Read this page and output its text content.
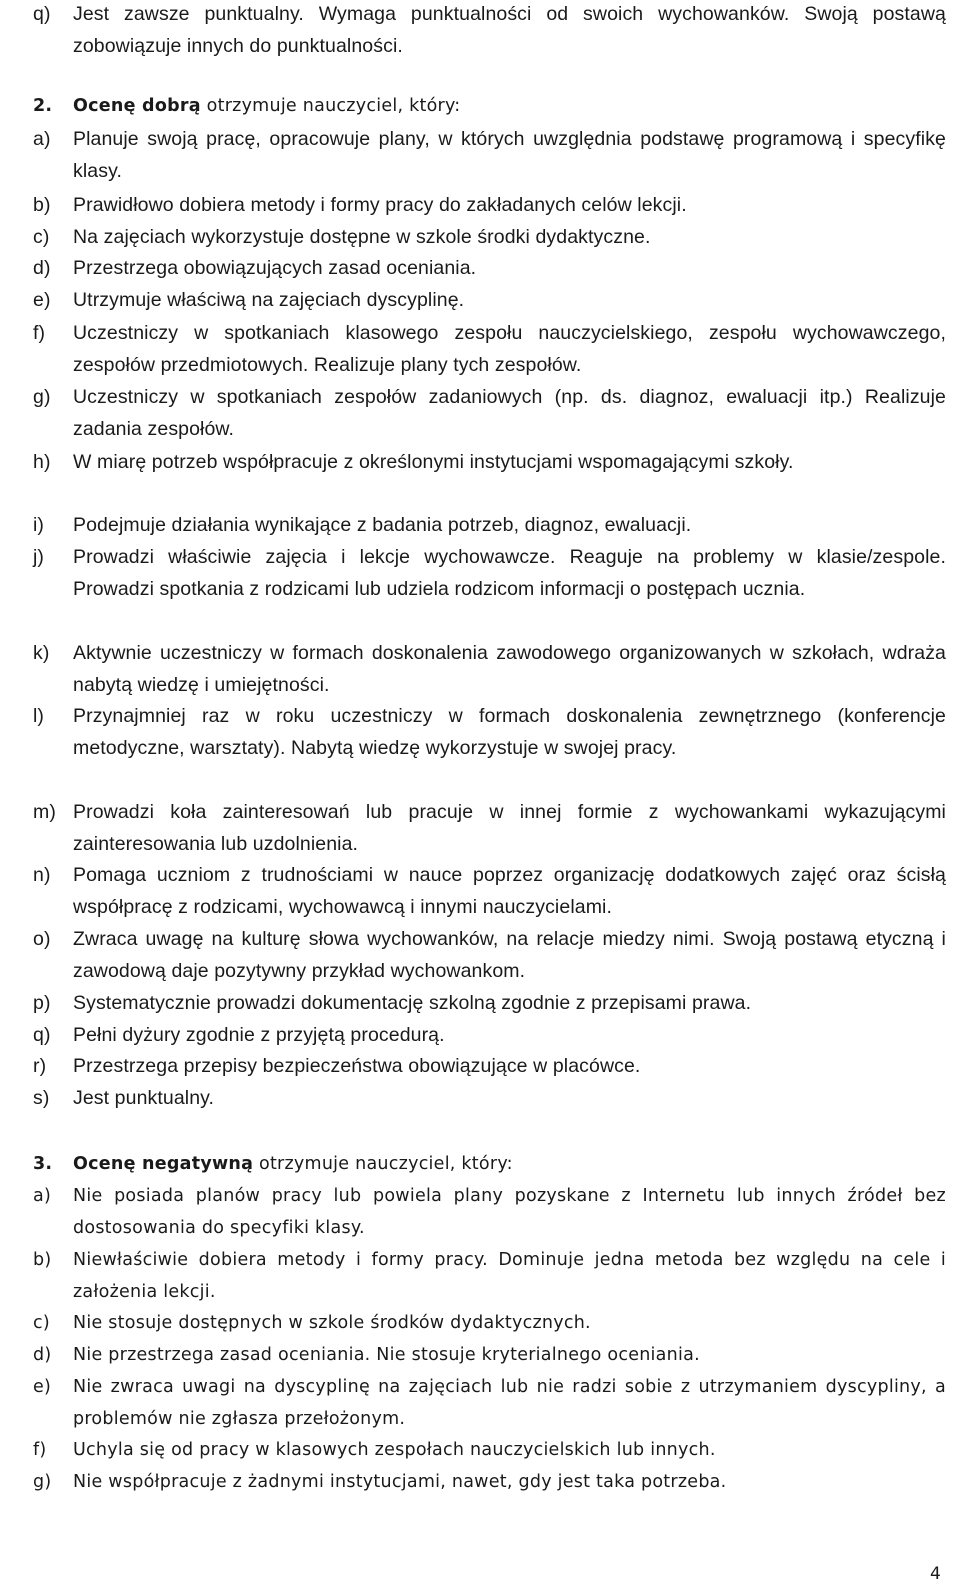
q)	Jest zawsze punktualny. Wymaga punktualności od swoich wychowanków. Swoją postawą zobowiązuje innych do punktualności.
2. Ocenę dobrą otrzymuje nauczyciel, który:
a)	Planuje swoją pracę, opracowuje plany, w których uwzględnia podstawę programową i specyfikę klasy.
b)	Prawidłowo dobiera metody i formy pracy do zakładanych celów lekcji.
c)	Na zajęciach wykorzystuje dostępne w szkole środki dydaktyczne.
d)	Przestrzega obowiązujących zasad oceniania.
e)	Utrzymuje właściwą na zajęciach dyscyplinę.
f)	Uczestniczy w spotkaniach klasowego zespołu nauczycielskiego, zespołu wychowawczego, zespołów przedmiotowych. Realizuje plany tych zespołów.
g)	Uczestniczy w spotkaniach zespołów zadaniowych (np. ds. diagnoz, ewaluacji itp.) Realizuje zadania zespołów.
h)	W miarę potrzeb współpracuje z określonymi instytucjami wspomagającymi szkoły.
i)	Podejmuje działania wynikające z badania potrzeb, diagnoz, ewaluacji.
j)	Prowadzi właściwie zajęcia i lekcje wychowawcze. Reaguje na problemy w klasie/zespole. Prowadzi spotkania z rodzicami lub udziela rodzicom informacji o postępach ucznia.
k)	Aktywnie uczestniczy w formach doskonalenia zawodowego organizowanych w szkołach, wdraża nabytą wiedzę i umiejętności.
l)	Przynajmniej raz w roku uczestniczy w formach doskonalenia zewnętrznego (konferencje metodyczne, warsztaty). Nabytą wiedzę wykorzystuje w swojej pracy.
m) Prowadzi koła zainteresowań lub pracuje w innej formie z wychowankami wykazującymi zainteresowania lub uzdolnienia.
n)	Pomaga uczniom z trudnościami w nauce poprzez organizację dodatkowych zajęć oraz ścisłą współpracę z rodzicami, wychowawcą i innymi nauczycielami.
o)	Zwraca uwagę na kulturę słowa wychowanków, na relacje miedzy nimi. Swoją postawą etyczną i zawodową daje pozytywny przykład wychowankom.
p)	Systematycznie prowadzi dokumentację szkolną zgodnie z przepisami prawa.
q)	Pełni dyżury zgodnie z przyjętą procedurą.
r)	Przestrzega przepisy bezpieczeństwa obowiązujące w placówce.
s)	Jest punktualny.
3. Ocenę negatywną otrzymuje nauczyciel, który:
a)	Nie posiada planów pracy lub powiela plany pozyskane z Internetu lub innych źródeł bez dostosowania do specyfiki klasy.
b)	Niewłaściwie dobiera metody i formy pracy. Dominuje jedna metoda bez względu na cele i założenia lekcji.
c)	Nie stosuje dostępnych w szkole środków dydaktycznych.
d)	Nie przestrzega zasad oceniania. Nie stosuje kryterialnego oceniania.
e)	Nie zwraca uwagi na dyscyplinę na zajęciach lub nie radzi sobie z utrzymaniem dyscypliny, a problemów nie zgłasza przełożonym.
f)	Uchyla się od pracy w klasowych zespołach nauczycielskich lub innych.
g)	Nie współpracuje z żadnymi instytucjami, nawet, gdy jest taka potrzeba.
4
